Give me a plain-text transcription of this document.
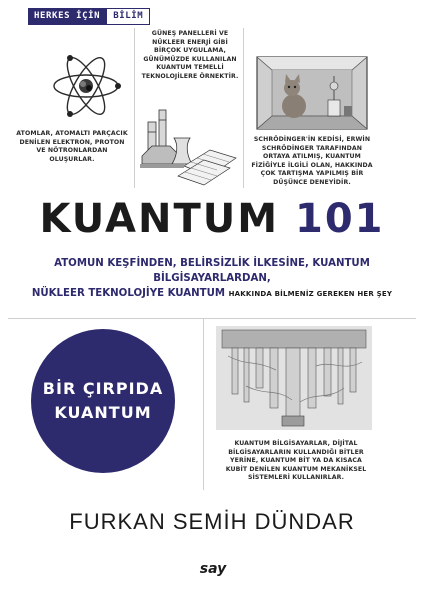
HERKES İÇİN	BİLİM
ATOMLAR, ATOMALTI PARÇACIK DENİLEN ELEKTRON, PROTON VE NÖTRONLARDAN OLUŞURLAR.
GÜNEŞ PANELLERİ VE NÜKLEER ENERJİ GİBİ BİRÇOK UYGULAMA, GÜNÜMÜZDE KULLANILAN KUANTUM TEMELLİ TEKNOLOJİLERE ÖRNEKTİR.
SCHRÖDİNGER'İN KEDİSİ, ERWİN SCHRÖDİNGER TARAFINDAN ORTAYA ATILMIŞ, KUANTUM FİZİĞİYLE İLGİLİ OLAN, HAKKINDA ÇOK TARTIŞMA YAPILMIŞ BİR DÜŞÜNCE DENEYİDİR.
KUANTUM 101
ATOMUN KEŞFİNDEN, BELİRSİZLİK İLKESİNE, KUANTUM BİLGİSAYARLARDAN,
NÜKLEER TEKNOLOJİYE KUANTUM HAKKINDA BİLMENİZ GEREKEN HER ŞEY
BİR ÇIRPIDA
KUANTUM
KUANTUM BİLGİSAYARLAR, DİJİTAL BİLGİSAYARLARIN KULLANDIĞI BİTLER YERİNE, KUANTUM BİT YA DA KISACA KUBİT DENİLEN KUANTUM MEKANİKSEL SİSTEMLERİ KULLANIRLAR.
FURKAN SEMİH DÜNDAR
say
